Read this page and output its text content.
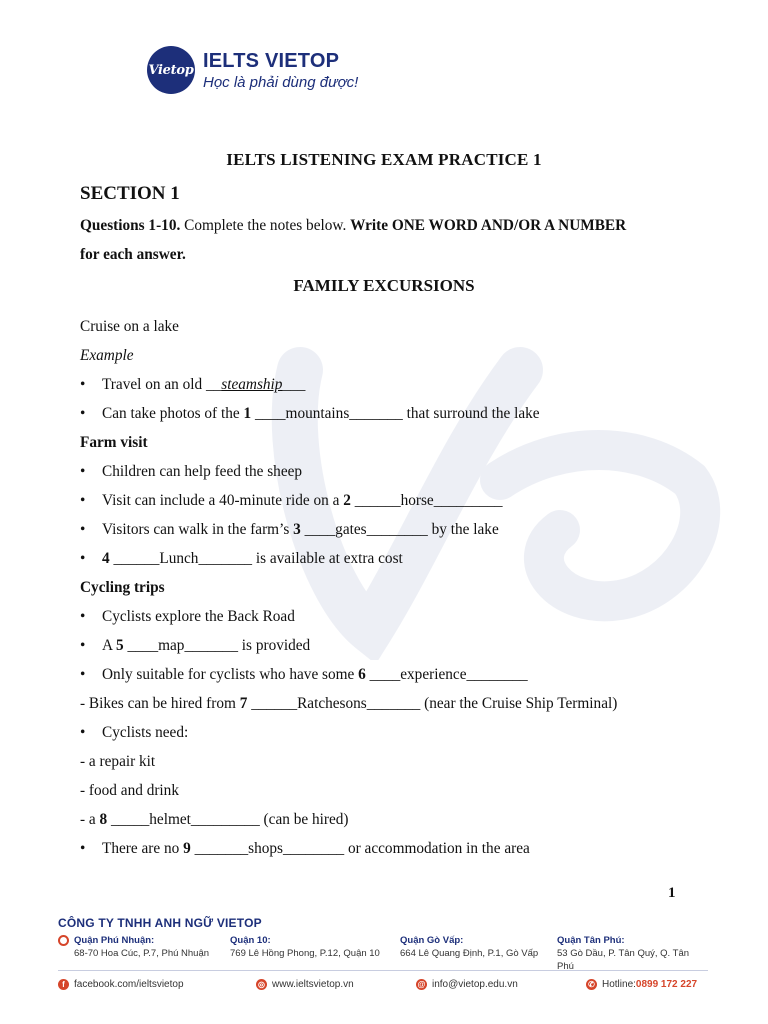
Vietop IELTS VIETOP
Học là phải dùng được!
IELTS LISTENING EXAM PRACTICE 1
SECTION 1
Questions 1-10. Complete the notes below. Write ONE WORD AND/OR A NUMBER
for each answer.
FAMILY EXCURSIONS
Cruise on a lake
Example
• Travel on an old __steamship___
• Can take photos of the 1 ____mountains_______ that surround the lake
Farm visit
• Children can help feed the sheep
• Visit can include a 40-minute ride on a 2 ______horse_________
• Visitors can walk in the farm’s 3 ____gates________ by the lake
• 4 ______Lunch_______ is available at extra cost
Cycling trips
• Cyclists explore the Back Road
• A 5 ____map_______ is provided
• Only suitable for cyclists who have some 6 ____experience________
- Bikes can be hired from 7 ______Ratchesons_______ (near the Cruise Ship Terminal)
• Cyclists need:
- a repair kit
- food and drink
- a 8 _____helmet_________ (can be hired)
• There are no 9 _______shops________ or accommodation in the area
1
CÔNG TY TNHH ANH NGỮ VIETOP
Quận Phú Nhuận:
68-70 Hoa Cúc, P.7, Phú Nhuận
Quận 10:
769 Lê Hồng Phong, P.12, Quận 10
Quận Gò Vấp:
664 Lê Quang Định, P.1, Gò Vấp
Quận Tân Phú:
53 Gò Dầu, P. Tân Quý, Q. Tân Phú
f facebook.com/ieltsvietop	◎ www.ieltsvietop.vn	@ info@vietop.edu.vn	✆ Hotline: 0899 172 227
